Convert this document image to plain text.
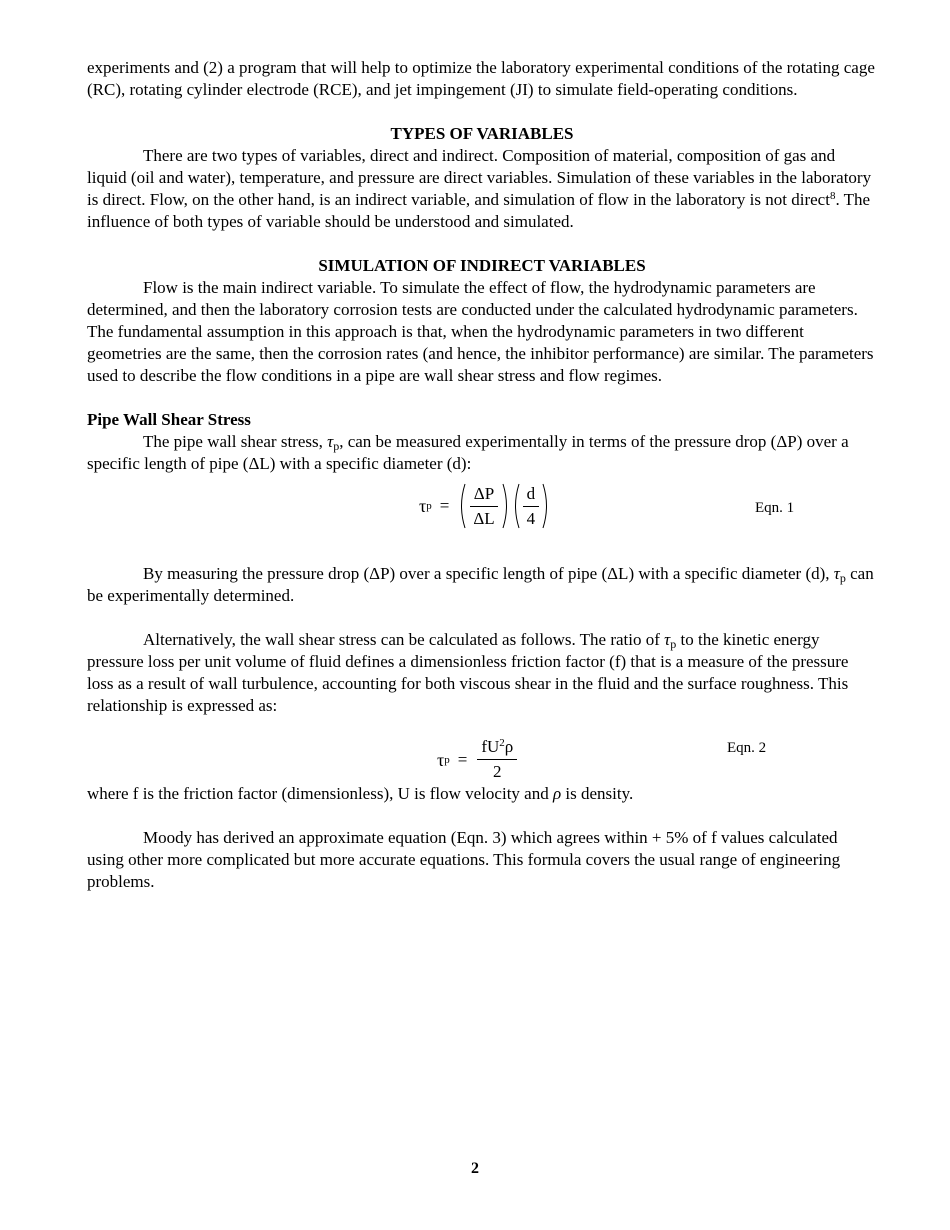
experiments and (2) a program that will help to optimize the laboratory experimental conditions of the rotating cage (RC), rotating cylinder electrode (RCE), and jet impingement (JI) to simulate field-operating conditions.

TYPES OF VARIABLES

There are two types of variables, direct and indirect. Composition of material, composition of gas and liquid (oil and water), temperature, and pressure are direct variables. Simulation of these variables in the laboratory is direct. Flow, on the other hand, is an indirect variable, and simulation of flow in the laboratory is not direct$^8$. The influence of both types of variable should be understood and simulated.

SIMULATION OF INDIRECT VARIABLES

Flow is the main indirect variable. To simulate the effect of flow, the hydrodynamic parameters are determined, and then the laboratory corrosion tests are conducted under the calculated hydrodynamic parameters. The fundamental assumption in this approach is that, when the hydrodynamic parameters in two different geometries are the same, then the corrosion rates (and hence, the inhibitor performance) are similar. The parameters used to describe the flow conditions in a pipe are wall shear stress and flow regimes.

Pipe Wall Shear Stress

The pipe wall shear stress, τp, can be measured experimentally in terms of the pressure drop (ΔP) over a specific length of pipe (ΔL) with a specific diameter (d):

τ $p = \frac{\Delta P}{\Delta L} \frac{d}{4}$	Eqn. 1

By measuring the pressure drop (ΔP) over a specific length of pipe (ΔL) with a specific diameter (d), τp can be experimentally determined.

Alternatively, the wall shear stress can be calculated as follows. The ratio of τp to the kinetic energy pressure loss per unit volume of fluid defines a dimensionless friction factor (f) that is a measure of the pressure loss as a result of wall turbulence, accounting for both viscous shear in the fluid and the surface roughness. This relationship is expressed as:

τ $p = \frac{fU^2\rho}{2}$	Eqn. 2

where f is the friction factor (dimensionless), U is flow velocity and ρ is density.

Moody has derived an approximate equation (Eqn. 3) which agrees within + 5% of f values calculated using other more complicated but more accurate equations. This formula covers the usual range of engineering problems.

2
